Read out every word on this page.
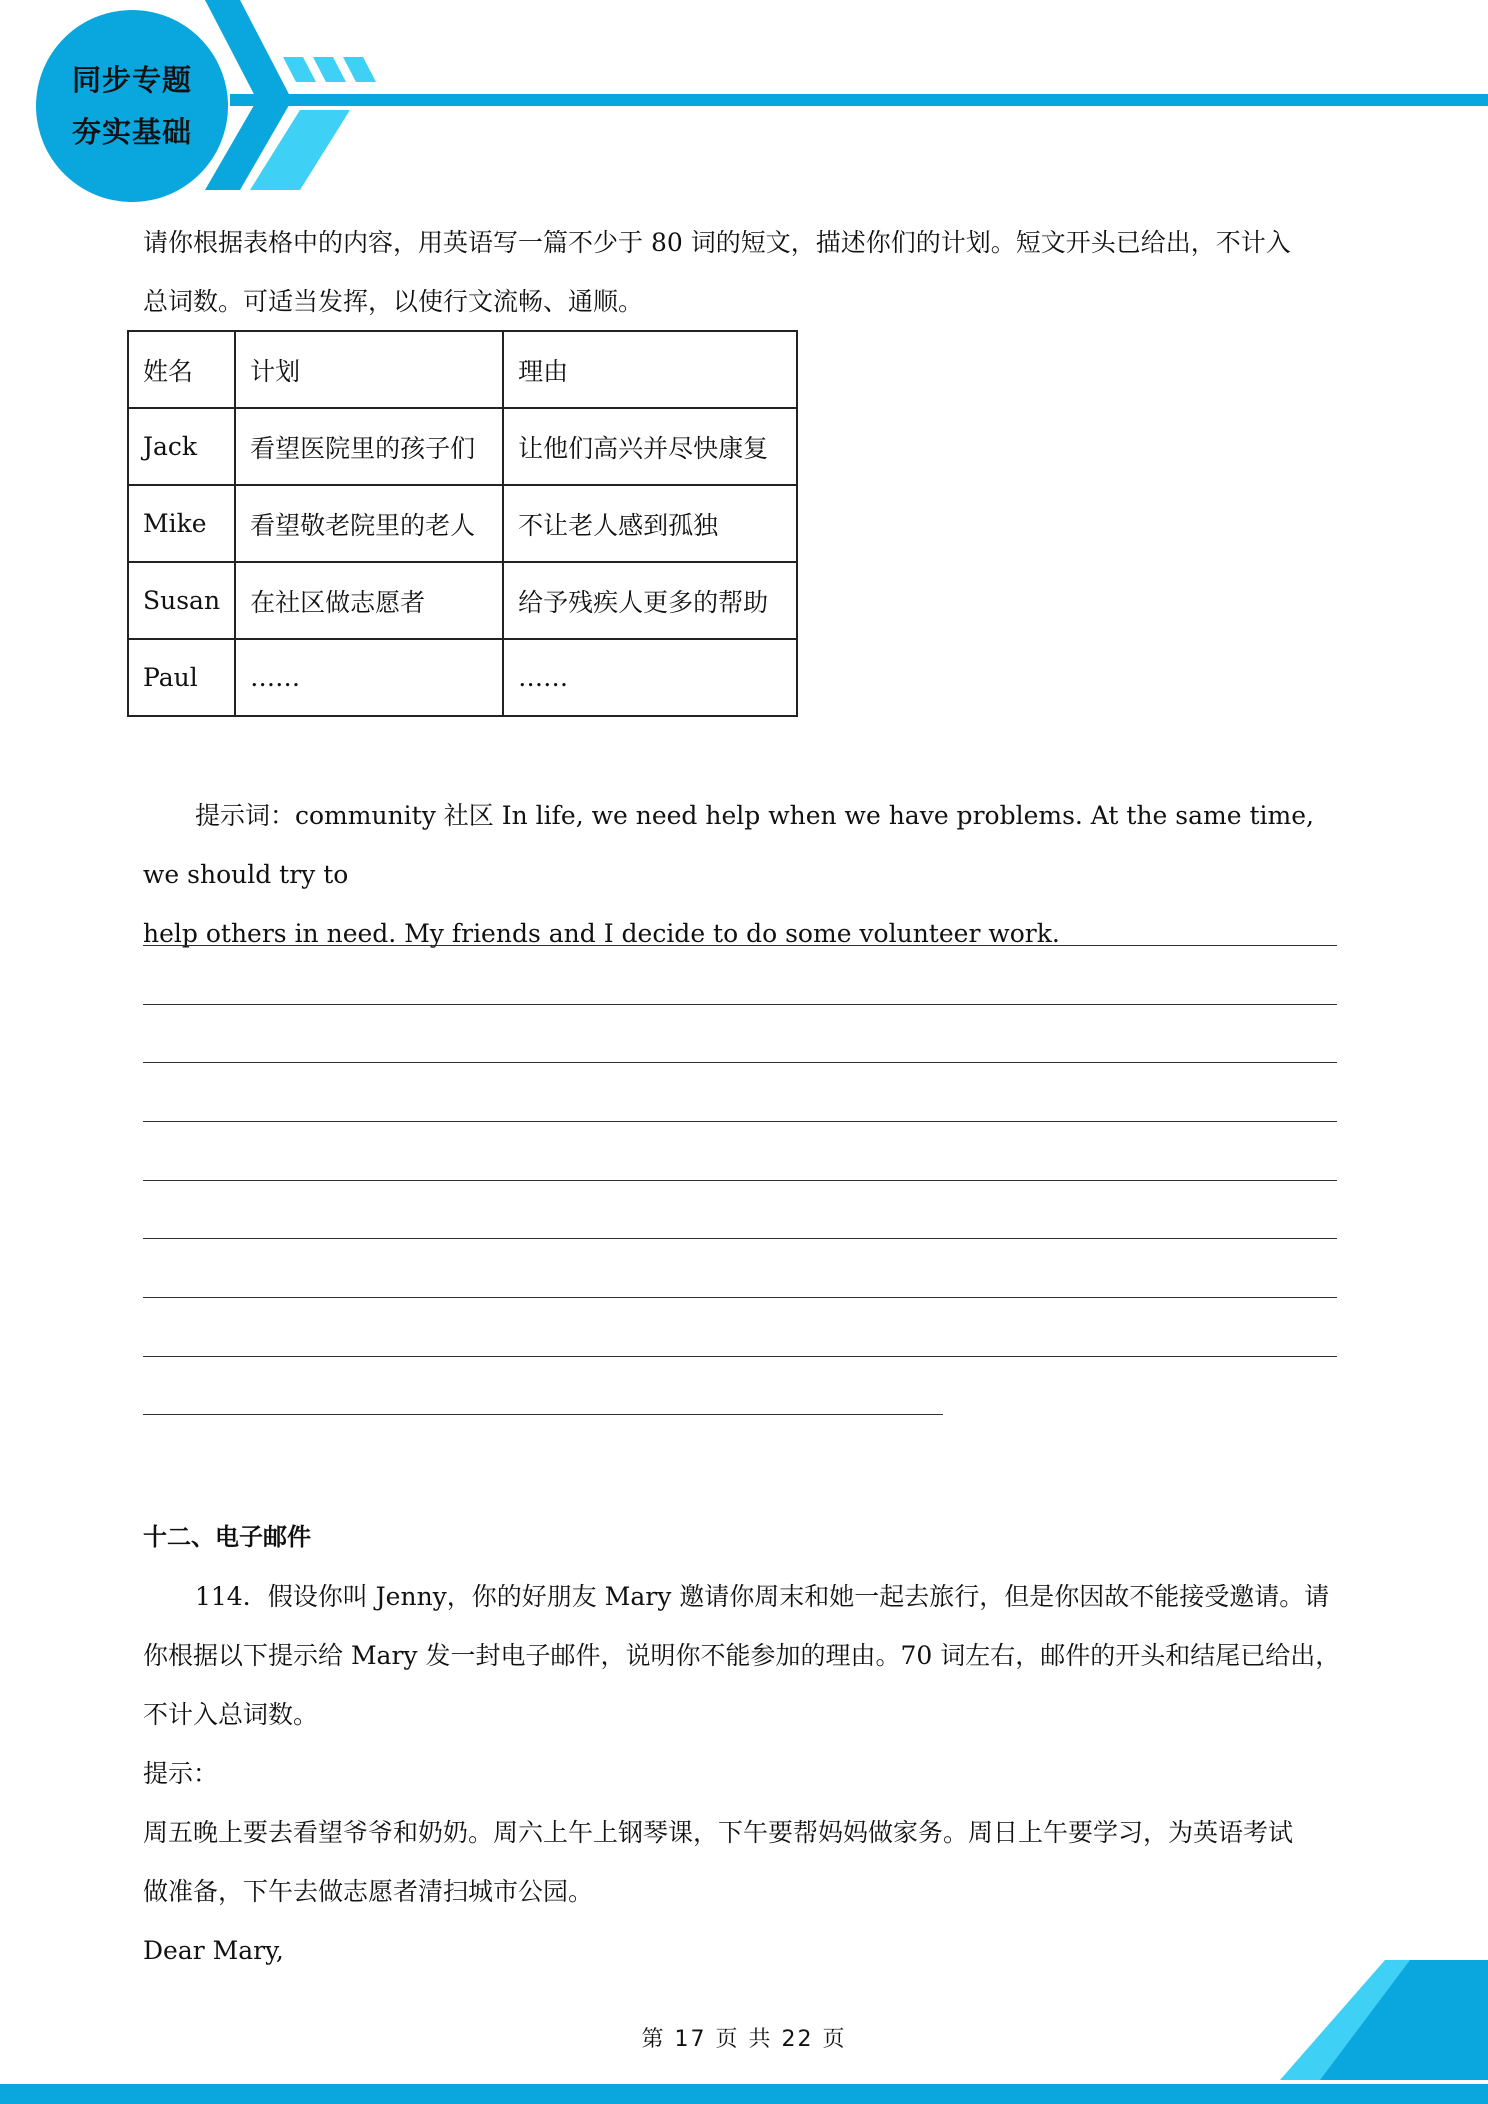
同步专题
夯实基础

请你根据表格中的内容，用英语写一篇不少于 80 词的短文，描述你们的计划。短文开头已给出，不计入

总词数。可适当发挥，以使行文流畅、通顺。

姓名	计划	理由
Jack	看望医院里的孩子们	让他们高兴并尽快康复
Mike	看望敬老院里的老人	不让老人感到孤独
Susan	在社区做志愿者	给予残疾人更多的帮助
Paul	……	……

提示词：community 社区 In life, we need help when we have problems. At the same time, we should try to

help others in need. My friends and I decide to do some volunteer work.

十二、电子邮件

114．假设你叫 Jenny，你的好朋友 Mary 邀请你周末和她一起去旅行，但是你因故不能接受邀请。请

你根据以下提示给 Mary 发一封电子邮件，说明你不能参加的理由。70 词左右，邮件的开头和结尾已给出，

不计入总词数。

提示：

周五晚上要去看望爷爷和奶奶。周六上午上钢琴课，下午要帮妈妈做家务。周日上午要学习，为英语考试

做准备，下午去做志愿者清扫城市公园。

Dear Mary,

第 17 页 共 22 页
